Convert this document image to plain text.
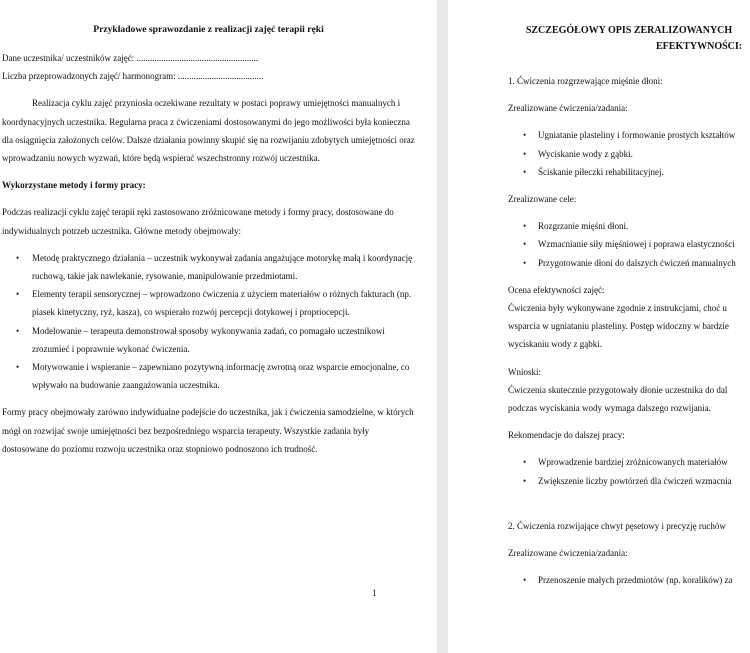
Przykładowe sprawozdanie z realizacji zajęć terapii ręki
Dane uczestnika/ uczestników zajęć: ......................................................
Liczba przeprowadzonych zajęć/ harmonogram: ......................................

Realizacja cyklu zajęć przyniosła oczekiwane rezultaty w postaci poprawy umiejętności manualnych i koordynacyjnych uczestnika. Regularna praca z ćwiczeniami dostosowanymi do jego możliwości była konieczna dla osiągnięcia założonych celów. Dalsze działania powinny skupić się na rozwijaniu zdobytych umiejętności oraz wprowadzaniu nowych wyzwań, które będą wspierać wszechstronny rozwój uczestnika.

Wykorzystane metody i formy pracy:

Podczas realizacji cyklu zajęć terapii ręki zastosowano zróżnicowane metody i formy pracy, dostosowane do indywidualnych potrzeb uczestnika. Główne metody obejmowały:

• Metodę praktycznego działania – uczestnik wykonywał zadania angażujące motorykę małą i koordynację ruchową, takie jak nawlekanie, rysowanie, manipulowanie przedmiotami.
• Elementy terapii sensorycznej – wprowadzono ćwiczenia z użyciem materiałów o różnych fakturach (np. piasek kinetyczny, ryż, kasza), co wspierało rozwój percepcji dotykowej i propriocepcji.
• Modelowanie – terapeuta demonstrował sposoby wykonywania zadań, co pomagało uczestnikowi zrozumieć i poprawnie wykonać ćwiczenia.
• Motywowanie i wspieranie – zapewniano pozytywną informację zwrotną oraz wsparcie emocjonalne, co wpływało na budowanie zaangażowania uczestnika.

Formy pracy obejmowały zarówno indywidualne podejście do uczestnika, jak i ćwiczenia samodzielne, w których mógł on rozwijać swoje umiejętności bez bezpośredniego wsparcia terapeuty. Wszystkie zadania były dostosowane do poziomu rozwoju uczestnika oraz stopniowo podnoszono ich trudność.

1
SZCZEGÓŁOWY OPIS ZERALIZOWANYCH
EFEKTYWNOŚCI:
1. Ćwiczenia rozgrzewające mięśnie dłoni:
Zrealizowane ćwiczenia/zadania:
• Ugniatanie plasteliny i formowanie prostych kształtów
• Wyciskanie wody z gąbki.
• Ściskanie piłeczki rehabilitacyjnej.
Zrealizowane cele:
• Rozgrzanie mięśni dłoni.
• Wzmacnianie siły mięśniowej i poprawa elastyczności
• Przygotowanie dłoni do dalszych ćwiczeń manualnych
Ocena efektywności zajęć:
Ćwiczenia były wykonywane zgodnie z instrukcjami, choć u
wsparcia w ugniataniu plasteliny. Postęp widoczny w bardzie
wyciskaniu wody z gąbki.
Wnioski:
Ćwiczenia skutecznie przygotowały dłonie uczestnika do dal
podczas wyciskania wody wymaga dalszego rozwijania.
Rekomendacje do dalszej pracy:
• Wprowadzenie bardziej zróżnicowanych materiałów
• Zwiększenie liczby powtórzeń dla ćwiczeń wzmacnia
2. Ćwiczenia rozwijające chwyt pęsetowy i precyzję ruchów
Zrealizowane ćwiczenia/zadania:
• Przenoszenie małych przedmiotów (np. koralików) za
